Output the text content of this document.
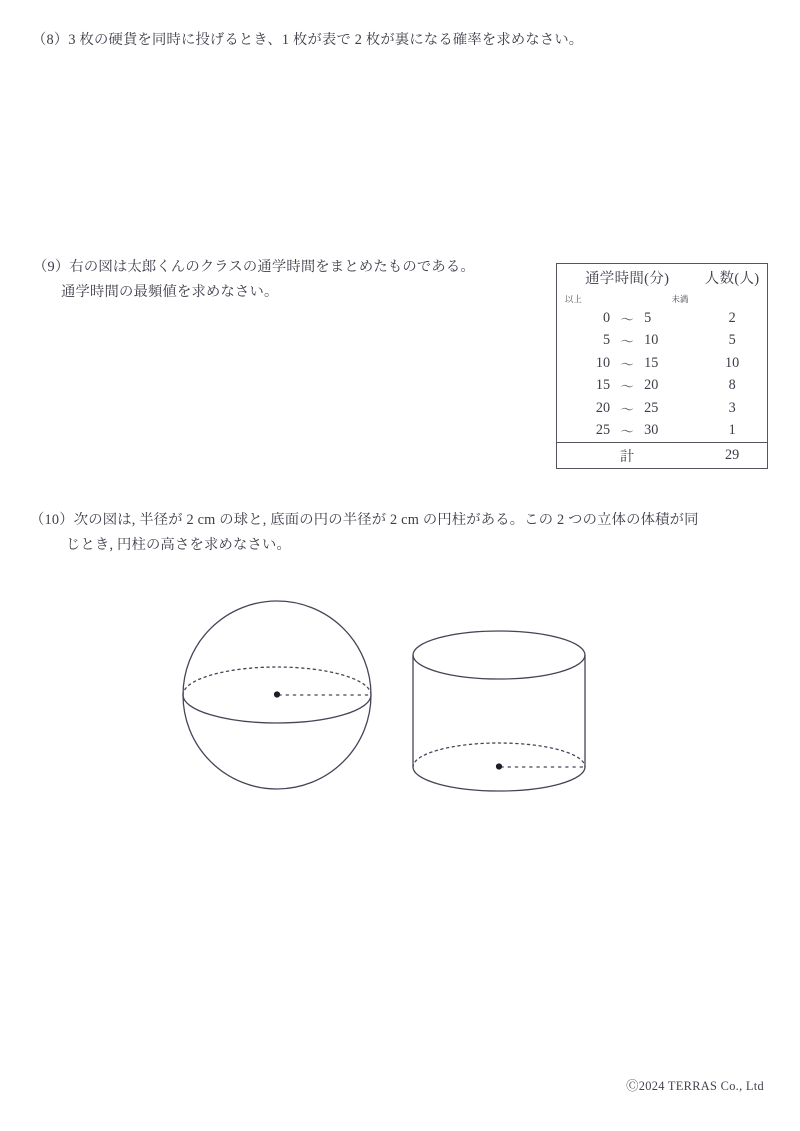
（8）3 枚の硬貨を同時に投げるとき、1 枚が表で 2 枚が裏になる確率を求めなさい。
（9）右の図は太郎くんのクラスの通学時間をまとめたものである。
通学時間の最頻値を求めなさい。
通学時間(分)	人数(人)

以上 未満	

0 〜 5	2

5 〜 10	5

10 〜 15	10

15 〜 20	8

20 〜 25	3

25 〜 30	1
計	29
（10）次の図は, 半径が 2 cm の球と, 底面の円の半径が 2 cm の円柱がある。この 2 つの立体の体積が同
じとき, 円柱の高さを求めなさい。
Ⓒ2024 TERRAS Co., Ltd
